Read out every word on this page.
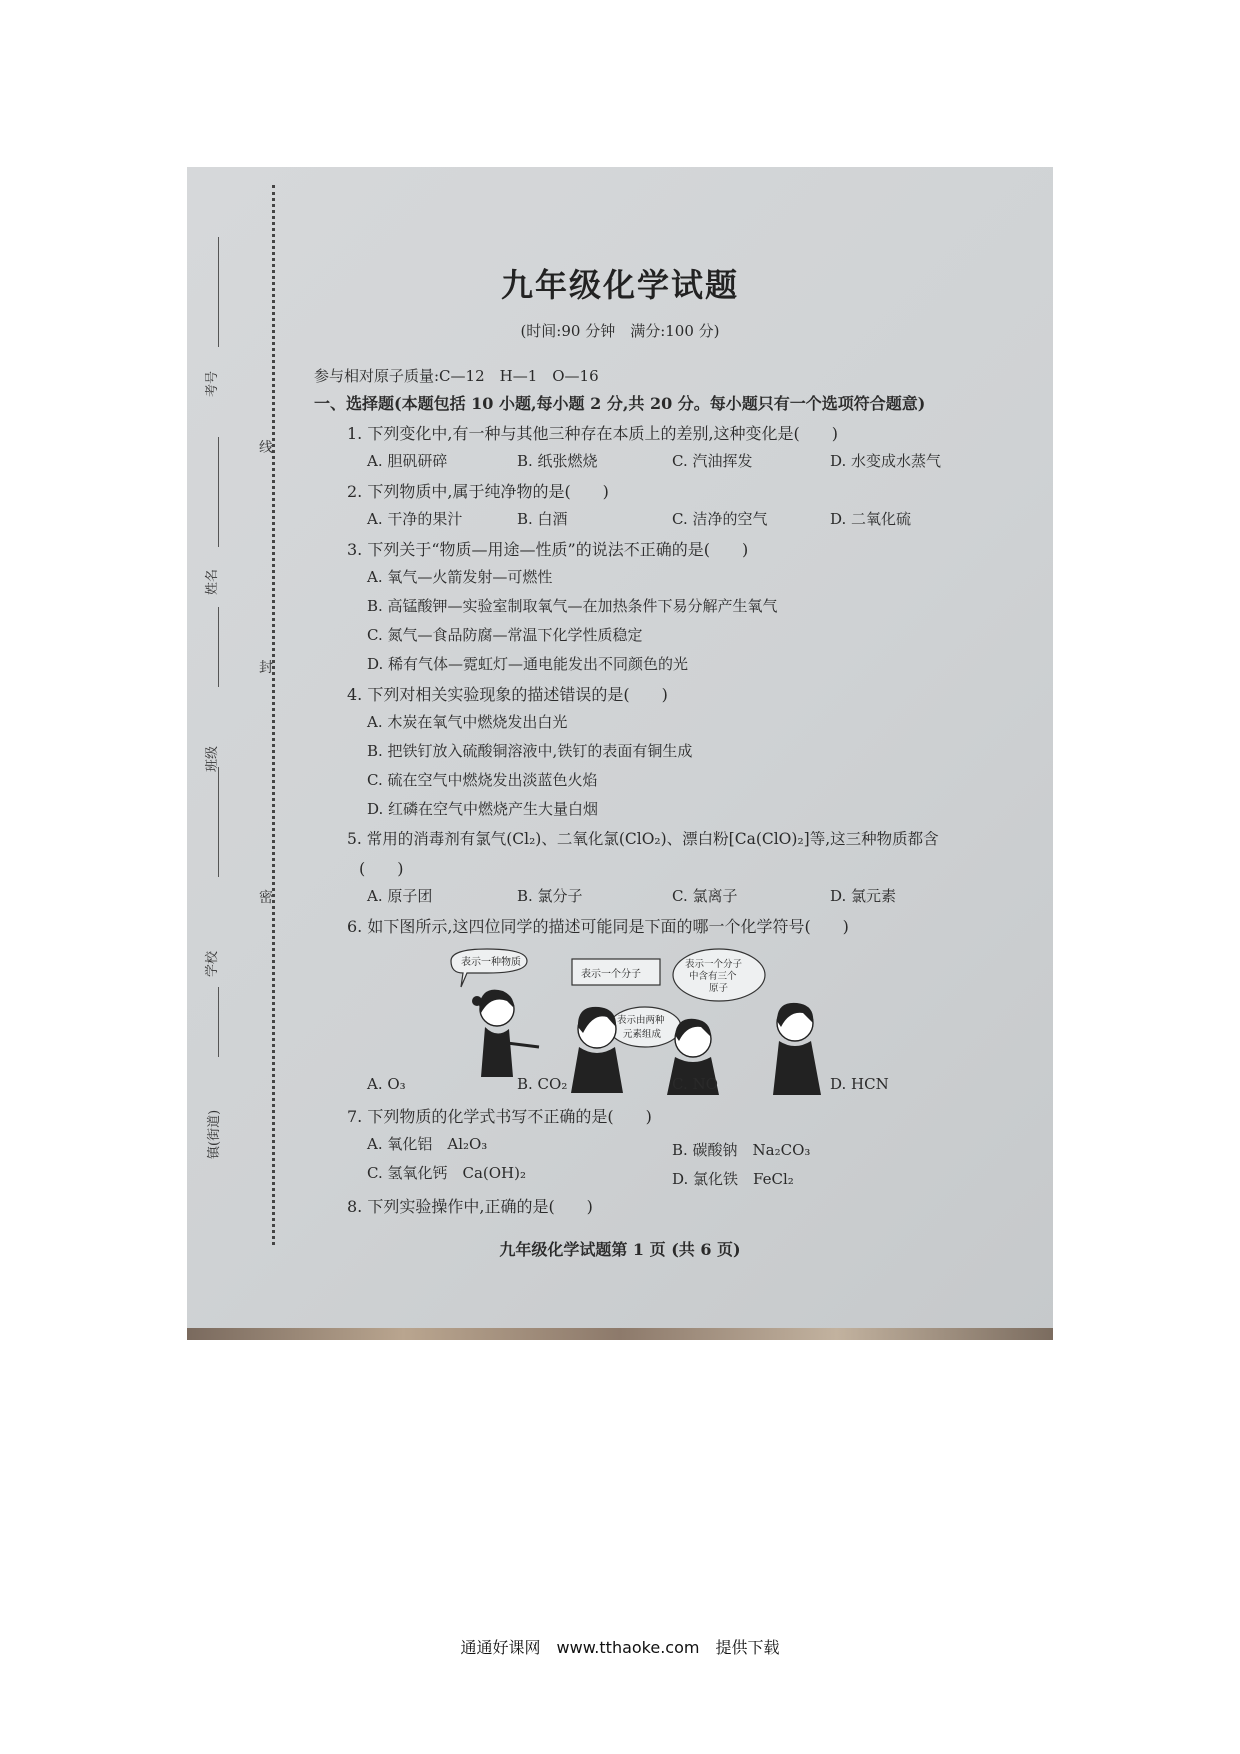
线
封
密
考号
姓名
班级
学校
镇(街道)
九年级化学试题
(时间:90 分钟　满分:100 分)
参与相对原子质量:C—12　H—1　O—16
一、选择题(本题包括 10 小题,每小题 2 分,共 20 分。每小题只有一个选项符合题意)
1. 下列变化中,有一种与其他三种存在本质上的差别,这种变化是(　　)
A. 胆矾研碎	B. 纸张燃烧	C. 汽油挥发	D. 水变成水蒸气
2. 下列物质中,属于纯净物的是(　　)
A. 干净的果汁	B. 白酒	C. 洁净的空气	D. 二氧化硫
3. 下列关于“物质—用途—性质”的说法不正确的是(　　)
A. 氧气—火箭发射—可燃性
B. 高锰酸钾—实验室制取氧气—在加热条件下易分解产生氧气
C. 氮气—食品防腐—常温下化学性质稳定
D. 稀有气体—霓虹灯—通电能发出不同颜色的光
4. 下列对相关实验现象的描述错误的是(　　)
A. 木炭在氧气中燃烧发出白光
B. 把铁钉放入硫酸铜溶液中,铁钉的表面有铜生成
C. 硫在空气中燃烧发出淡蓝色火焰
D. 红磷在空气中燃烧产生大量白烟
5. 常用的消毒剂有氯气(Cl₂)、二氧化氯(ClO₂)、漂白粉[Ca(ClO)₂]等,这三种物质都含
(　　)
A. 原子团	B. 氯分子	C. 氯离子	D. 氯元素
6. 如下图所示,这四位同学的描述可能同是下面的哪一个化学符号(　　)
表示一种物质
表示一个分子
表示一个分子
中含有三个
原子
表示由两种
元素组成
A. O₃	B. CO₂	C. NO	D. HCN
7. 下列物质的化学式书写不正确的是(　　)
A. 氧化铝　Al₂O₃	B. 碳酸钠　Na₂CO₃
C. 氢氧化钙　Ca(OH)₂	D. 氯化铁　FeCl₂
8. 下列实验操作中,正确的是(　　)
九年级化学试题第 1 页 (共 6 页)
通通好课网　www.tthaoke.com　提供下载
